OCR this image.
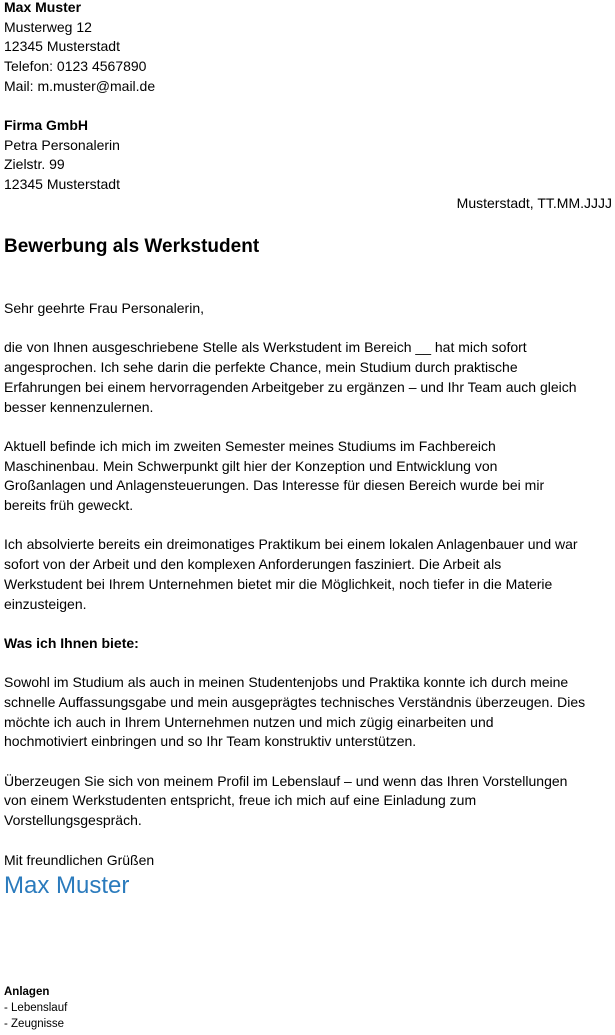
Max Muster

Musterweg 12

12345 Musterstadt

Telefon: 0123 4567890

Mail: m.muster@mail.de

Firma GmbH

Petra Personalerin

Zielstr. 99

12345 Musterstadt

Musterstadt, TT.MM.JJJJ
Bewerbung als Werkstudent

Sehr geehrte Frau Personalerin,

die von Ihnen ausgeschriebene Stelle als Werkstudent im Bereich __ hat mich sofort
angesprochen. Ich sehe darin die perfekte Chance, mein Studium durch praktische
Erfahrungen bei einem hervorragenden Arbeitgeber zu ergänzen – und Ihr Team auch gleich
besser kennenzulernen.

Aktuell befinde ich mich im zweiten Semester meines Studiums im Fachbereich
Maschinenbau. Mein Schwerpunkt gilt hier der Konzeption und Entwicklung von
Großanlagen und Anlagensteuerungen. Das Interesse für diesen Bereich wurde bei mir
bereits früh geweckt.

Ich absolvierte bereits ein dreimonatiges Praktikum bei einem lokalen Anlagenbauer und war
sofort von der Arbeit und den komplexen Anforderungen fasziniert. Die Arbeit als
Werkstudent bei Ihrem Unternehmen bietet mir die Möglichkeit, noch tiefer in die Materie
einzusteigen.

Was ich Ihnen biete:

Sowohl im Studium als auch in meinen Studentenjobs und Praktika konnte ich durch meine
schnelle Auffassungsgabe und mein ausgeprägtes technisches Verständnis überzeugen. Dies
möchte ich auch in Ihrem Unternehmen nutzen und mich zügig einarbeiten und
hochmotiviert einbringen und so Ihr Team konstruktiv unterstützen.

Überzeugen Sie sich von meinem Profil im Lebenslauf – und wenn das Ihren Vorstellungen
von einem Werkstudenten entspricht, freue ich mich auf eine Einladung zum
Vorstellungsgespräch.

Mit freundlichen Grüßen

Max Muster

Anlagen

- Lebenslauf

- Zeugnisse
